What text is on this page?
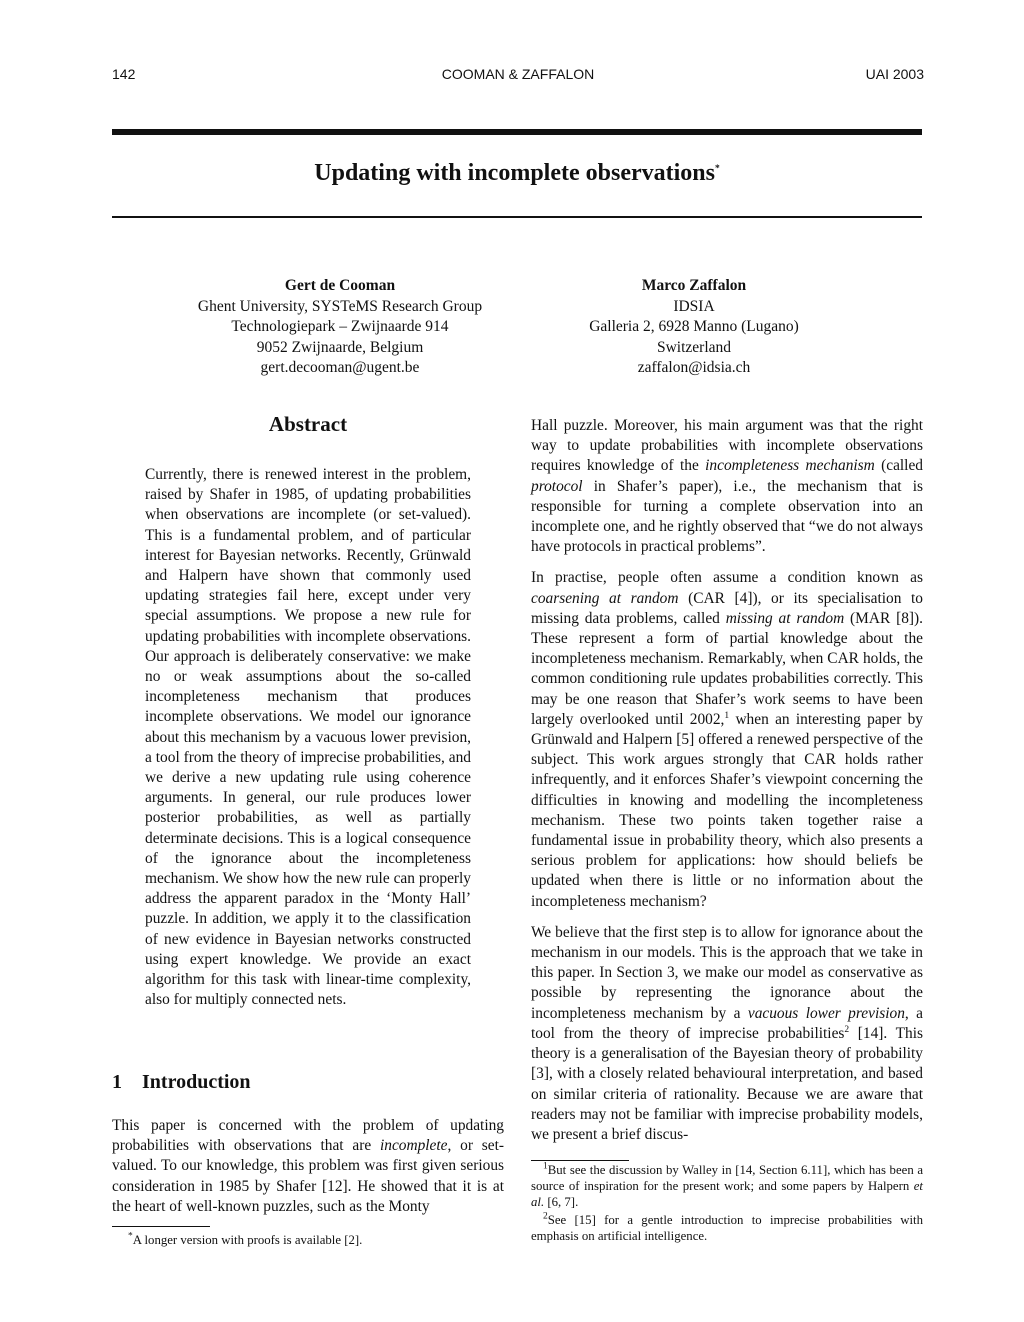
142	COOMAN & ZAFFALON	UAI 2003
Updating with incomplete observations*
Gert de Cooman
Ghent University, SYSTeMS Research Group
Technologiepark – Zwijnaarde 914
9052 Zwijnaarde, Belgium
gert.decooman@ugent.be
Marco Zaffalon
IDSIA
Galleria 2, 6928 Manno (Lugano)
Switzerland
zaffalon@idsia.ch
Abstract
Currently, there is renewed interest in the problem, raised by Shafer in 1985, of updating probabilities when observations are incomplete (or set-valued). This is a fundamental problem, and of particular interest for Bayesian networks. Recently, Grünwald and Halpern have shown that commonly used updating strategies fail here, except under very special assumptions. We propose a new rule for updating probabilities with incomplete observations. Our approach is deliberately conservative: we make no or weak assumptions about the so-called incompleteness mechanism that produces incomplete observations. We model our ignorance about this mechanism by a vacuous lower prevision, a tool from the theory of imprecise probabilities, and we derive a new updating rule using coherence arguments. In general, our rule produces lower posterior probabilities, as well as partially determinate decisions. This is a logical consequence of the ignorance about the incompleteness mechanism. We show how the new rule can properly address the apparent paradox in the ‘Monty Hall’ puzzle. In addition, we apply it to the classification of new evidence in Bayesian networks constructed using expert knowledge. We provide an exact algorithm for this task with linear-time complexity, also for multiply connected nets.
1 Introduction
This paper is concerned with the problem of updating probabilities with observations that are incomplete, or set-valued. To our knowledge, this problem was first given serious consideration in 1985 by Shafer [12]. He showed that it is at the heart of well-known puzzles, such as the Monty
*A longer version with proofs is available [2].

Hall puzzle. Moreover, his main argument was that the right way to update probabilities with incomplete observations requires knowledge of the incompleteness mechanism (called protocol in Shafer’s paper), i.e., the mechanism that is responsible for turning a complete observation into an incomplete one, and he rightly observed that “we do not always have protocols in practical problems”.

In practise, people often assume a condition known as coarsening at random (CAR [4]), or its specialisation to missing data problems, called missing at random (MAR [8]). These represent a form of partial knowledge about the incompleteness mechanism. Remarkably, when CAR holds, the common conditioning rule updates probabilities correctly. This may be one reason that Shafer’s work seems to have been largely overlooked until 2002,$^1$ when an interesting paper by Grünwald and Halpern [5] offered a renewed perspective of the subject. This work argues strongly that CAR holds rather infrequently, and it enforces Shafer’s viewpoint concerning the difficulties in knowing and modelling the incompleteness mechanism. These two points taken together raise a fundamental issue in probability theory, which also presents a serious problem for applications: how should beliefs be updated when there is little or no information about the incompleteness mechanism?

We believe that the first step is to allow for ignorance about the mechanism in our models. This is the approach that we take in this paper. In Section 3, we make our model as conservative as possible by representing the ignorance about the incompleteness mechanism by a vacuous lower prevision, a tool from the theory of imprecise probabilities$^2$ [14]. This theory is a generalisation of the Bayesian theory of probability [3], with a closely related behavioural interpretation, and based on similar criteria of rationality. Because we are aware that readers may not be familiar with imprecise probability models, we present a brief discus-

$^1$But see the discussion by Walley in [14, Section 6.11], which has been a source of inspiration for the present work; and some papers by Halpern et al. [6, 7].

$^2$See [15] for a gentle introduction to imprecise probabilities with emphasis on artificial intelligence.
